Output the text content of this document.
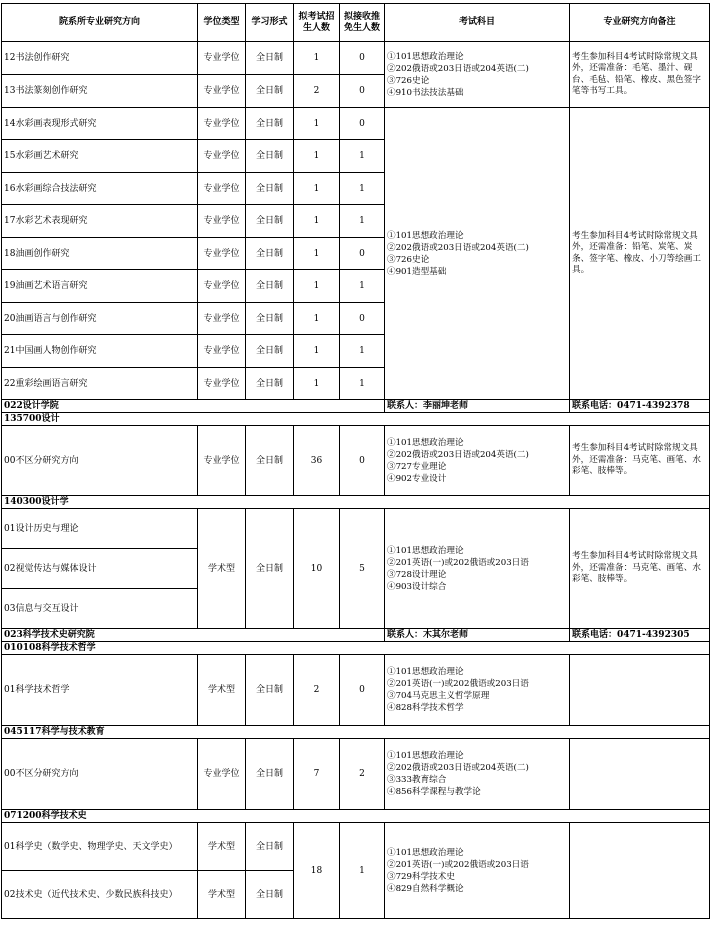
院系所专业研究方向	学位类型	学习形式	拟考试招生人数	拟接收推免生人数	考试科目	专业研究方向备注
12书法创作研究	专业学位	全日制	1	0	①101思想政治理论
②202俄语或203日语或204英语(二)
③726史论
④910书法技法基础	考生参加科目4考试时除常规文具外，还需准备：毛笔、墨汁、砚台、毛毡、铅笔、橡皮、黑色签字笔等书写工具。
13书法篆刻创作研究	专业学位	全日制	2	0		
14水彩画表现形式研究	专业学位	全日制	1	0	①101思想政治理论
②202俄语或203日语或204英语(二)
③726史论
④901造型基础	考生参加科目4考试时除常规文具外，还需准备：铅笔、炭笔、炭条、签字笔、橡皮、小刀等绘画工具。
15水彩画艺术研究	专业学位	全日制	1	1		
16水彩画综合技法研究	专业学位	全日制	1	1		
17水彩艺术表现研究	专业学位	全日制	1	1		
18油画创作研究	专业学位	全日制	1	0		
19油画艺术语言研究	专业学位	全日制	1	1		
20油画语言与创作研究	专业学位	全日制	1	0		
21中国画人物创作研究	专业学位	全日制	1	1		
22重彩绘画语言研究	专业学位	全日制	1	1		
022设计学院					联系人：李丽坤老师	联系电话：0471-4392378
135700设计						
00不区分研究方向	专业学位	全日制	36	0	①101思想政治理论
②202俄语或203日语或204英语(二)
③727专业理论
④902专业设计	考生参加科目4考试时除常规文具外，还需准备：马克笔、画笔、水彩笔、肢棒等。
140300设计学						
01设计历史与理论	学术型	全日制	10	5	①101思想政治理论
②201英语(一)或202俄语或203日语
③728设计理论
④903设计综合	考生参加科目4考试时除常规文具外，还需准备：马克笔、画笔、水彩笔、肢棒等。
02视觉传达与媒体设计						
03信息与交互设计						
023科学技术史研究院					联系人：木其尔老师	联系电话：0471-4392305
010108科学技术哲学						
01科学技术哲学	学术型	全日制	2	0	①101思想政治理论
②201英语(一)或202俄语或203日语
③704马克思主义哲学原理
④828科学技术哲学	
045117科学与技术教育						
00不区分研究方向	专业学位	全日制	7	2	①101思想政治理论
②202俄语或203日语或204英语(二)
③333教育综合
④856科学课程与教学论	
071200科学技术史						
01科学史（数学史、物理学史、天文学史）	学术型	全日制	18	1	①101思想政治理论
②201英语(一)或202俄语或203日语
③729科学技术史
④829自然科学概论	
02技术史（近代技术史、少数民族科技史）	学术型	全日制				
